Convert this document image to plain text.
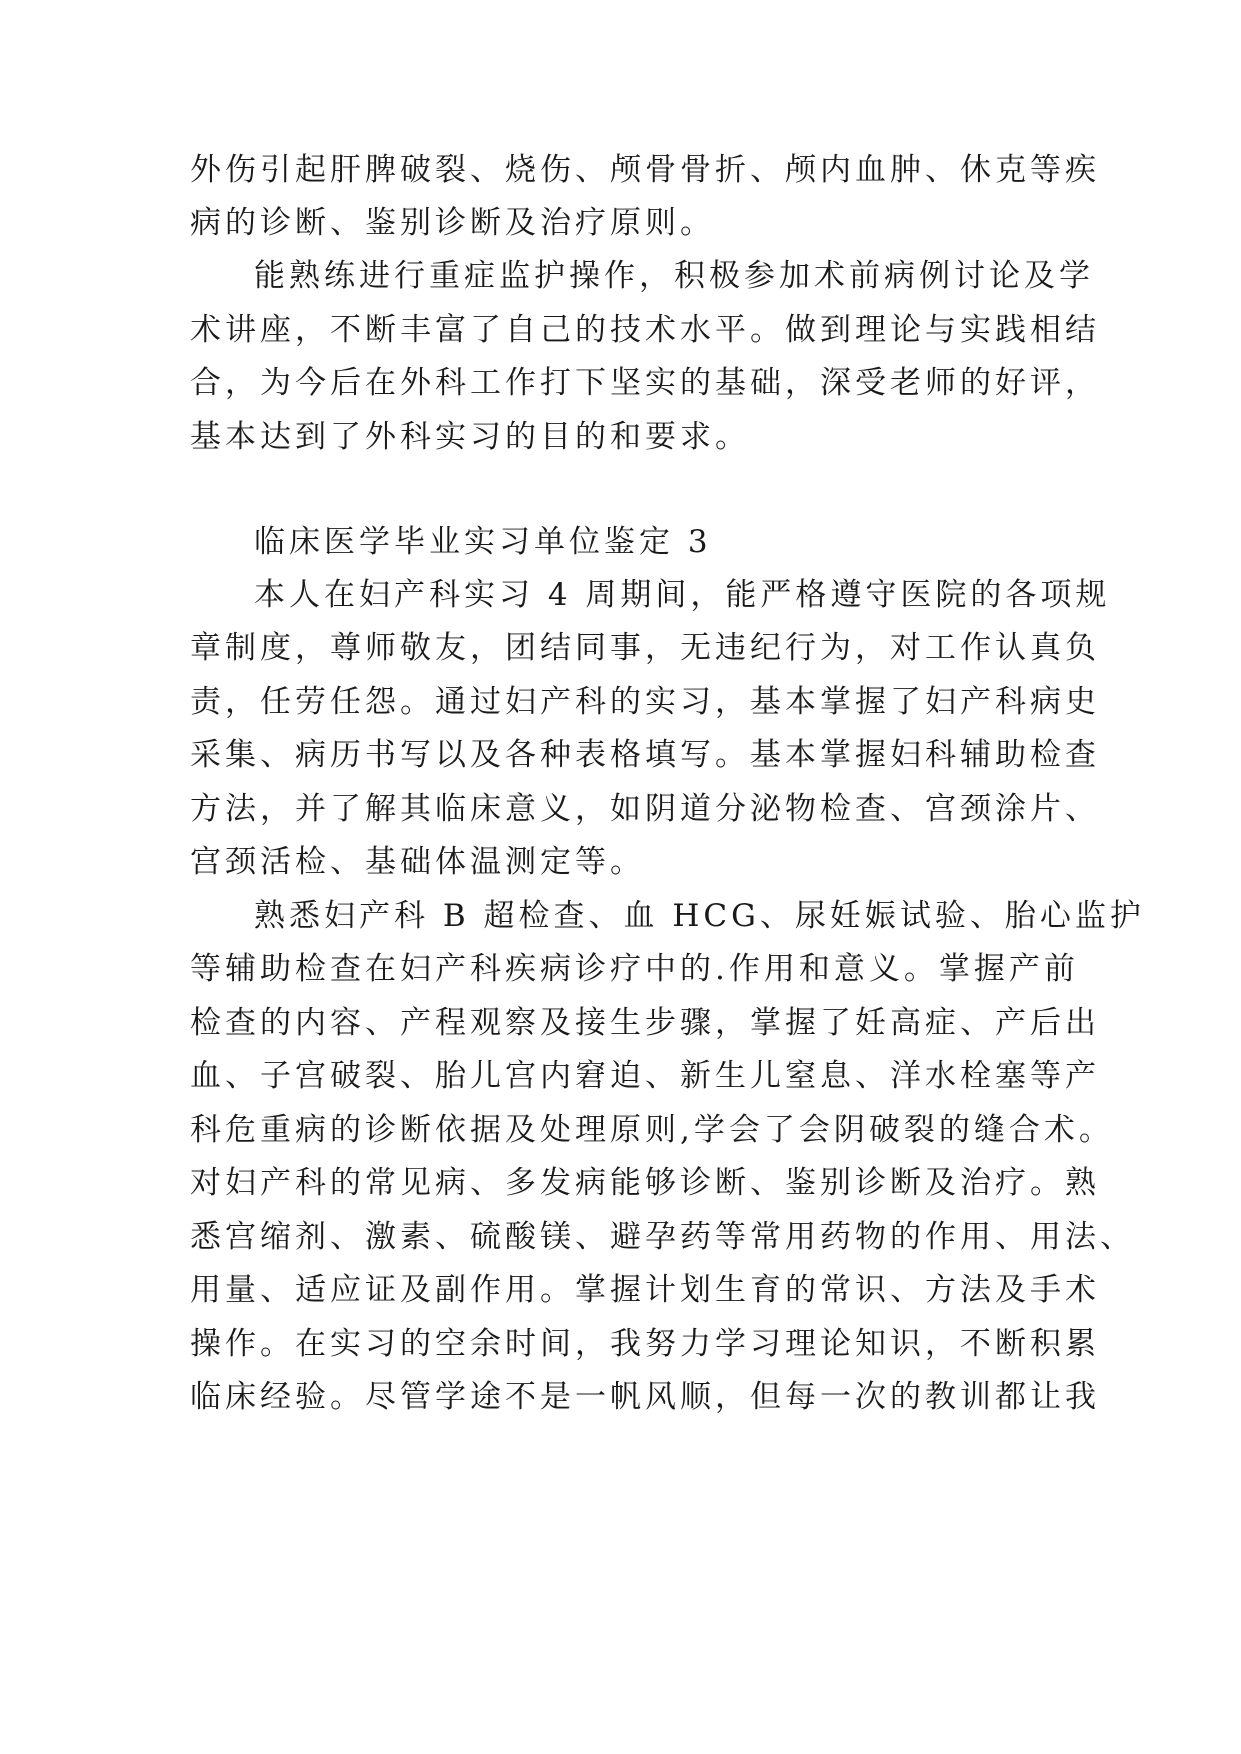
外伤引起肝脾破裂、烧伤、颅骨骨折、颅内血肿、休克等疾
病的诊断、鉴别诊断及治疗原则。
能熟练进行重症监护操作，积极参加术前病例讨论及学
术讲座，不断丰富了自己的技术水平。做到理论与实践相结
合，为今后在外科工作打下坚实的基础，深受老师的好评，
基本达到了外科实习的目的和要求。
临床医学毕业实习单位鉴定 3
本人在妇产科实习 4 周期间，能严格遵守医院的各项规
章制度，尊师敬友，团结同事，无违纪行为，对工作认真负
责，任劳任怨。通过妇产科的实习，基本掌握了妇产科病史
采集、病历书写以及各种表格填写。基本掌握妇科辅助检查
方法，并了解其临床意义，如阴道分泌物检查、宫颈涂片、
宫颈活检、基础体温测定等。
熟悉妇产科 B 超检查、血 HCG、尿妊娠试验、胎心监护
等辅助检查在妇产科疾病诊疗中的.作用和意义。掌握产前
检查的内容、产程观察及接生步骤，掌握了妊高症、产后出
血、子宫破裂、胎儿宫内窘迫、新生儿窒息、洋水栓塞等产
科危重病的诊断依据及处理原则,学会了会阴破裂的缝合术。
对妇产科的常见病、多发病能够诊断、鉴别诊断及治疗。熟
悉宫缩剂、激素、硫酸镁、避孕药等常用药物的作用、用法、
用量、适应证及副作用。掌握计划生育的常识、方法及手术
操作。在实习的空余时间，我努力学习理论知识，不断积累
临床经验。尽管学途不是一帆风顺，但每一次的教训都让我
